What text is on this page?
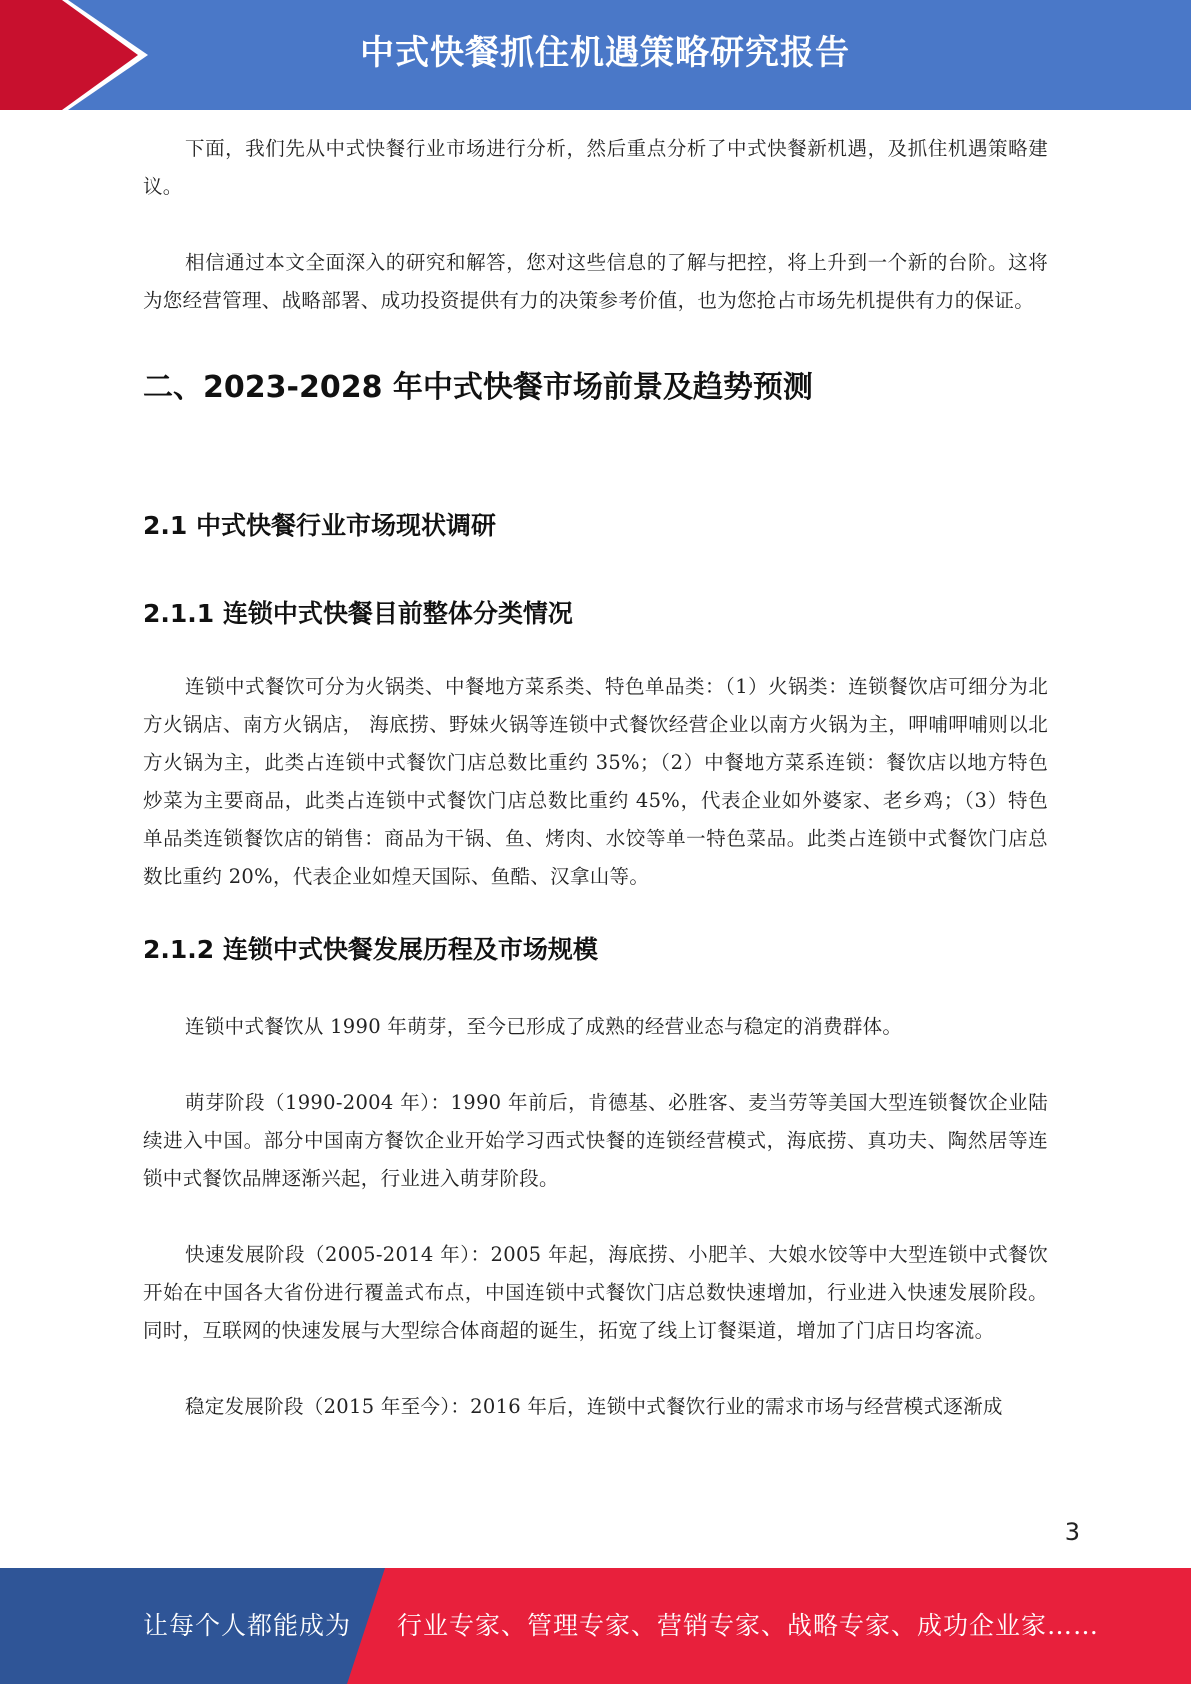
中式快餐抓住机遇策略研究报告

下面，我们先从中式快餐行业市场进行分析，然后重点分析了中式快餐新机遇，及抓住机遇策略建议。

相信通过本文全面深入的研究和解答，您对这些信息的了解与把控，将上升到一个新的台阶。这将为您经营管理、战略部署、成功投资提供有力的决策参考价值，也为您抢占市场先机提供有力的保证。

二、2023-2028 年中式快餐市场前景及趋势预测
2.1 中式快餐行业市场现状调研
2.1.1 连锁中式快餐目前整体分类情况

连锁中式餐饮可分为火锅类、中餐地方菜系类、特色单品类：（1）火锅类：连锁餐饮店可细分为北方火锅店、南方火锅店， 海底捞、野妹火锅等连锁中式餐饮经营企业以南方火锅为主，呷哺呷哺则以北方火锅为主，此类占连锁中式餐饮门店总数比重约 35%；（2）中餐地方菜系连锁：餐饮店以地方特色炒菜为主要商品，此类占连锁中式餐饮门店总数比重约 45%，代表企业如外婆家、老乡鸡；（3）特色单品类连锁餐饮店的销售：商品为干锅、鱼、烤肉、水饺等单一特色菜品。此类占连锁中式餐饮门店总数比重约 20%，代表企业如煌天国际、鱼酷、汉拿山等。

2.1.2 连锁中式快餐发展历程及市场规模

连锁中式餐饮从 1990 年萌芽，至今已形成了成熟的经营业态与稳定的消费群体。

萌芽阶段（1990-2004 年）：1990 年前后，肯德基、必胜客、麦当劳等美国大型连锁餐饮企业陆续进入中国。部分中国南方餐饮企业开始学习西式快餐的连锁经营模式，海底捞、真功夫、陶然居等连锁中式餐饮品牌逐渐兴起，行业进入萌芽阶段。

快速发展阶段（2005-2014 年）：2005 年起，海底捞、小肥羊、大娘水饺等中大型连锁中式餐饮开始在中国各大省份进行覆盖式布点，中国连锁中式餐饮门店总数快速增加，行业进入快速发展阶段。同时，互联网的快速发展与大型综合体商超的诞生，拓宽了线上订餐渠道，增加了门店日均客流。

稳定发展阶段（2015 年至今）：2016 年后，连锁中式餐饮行业的需求市场与经营模式逐渐成

3
让每个人都能成为 行业专家、管理专家、营销专家、战略专家、成功企业家……
